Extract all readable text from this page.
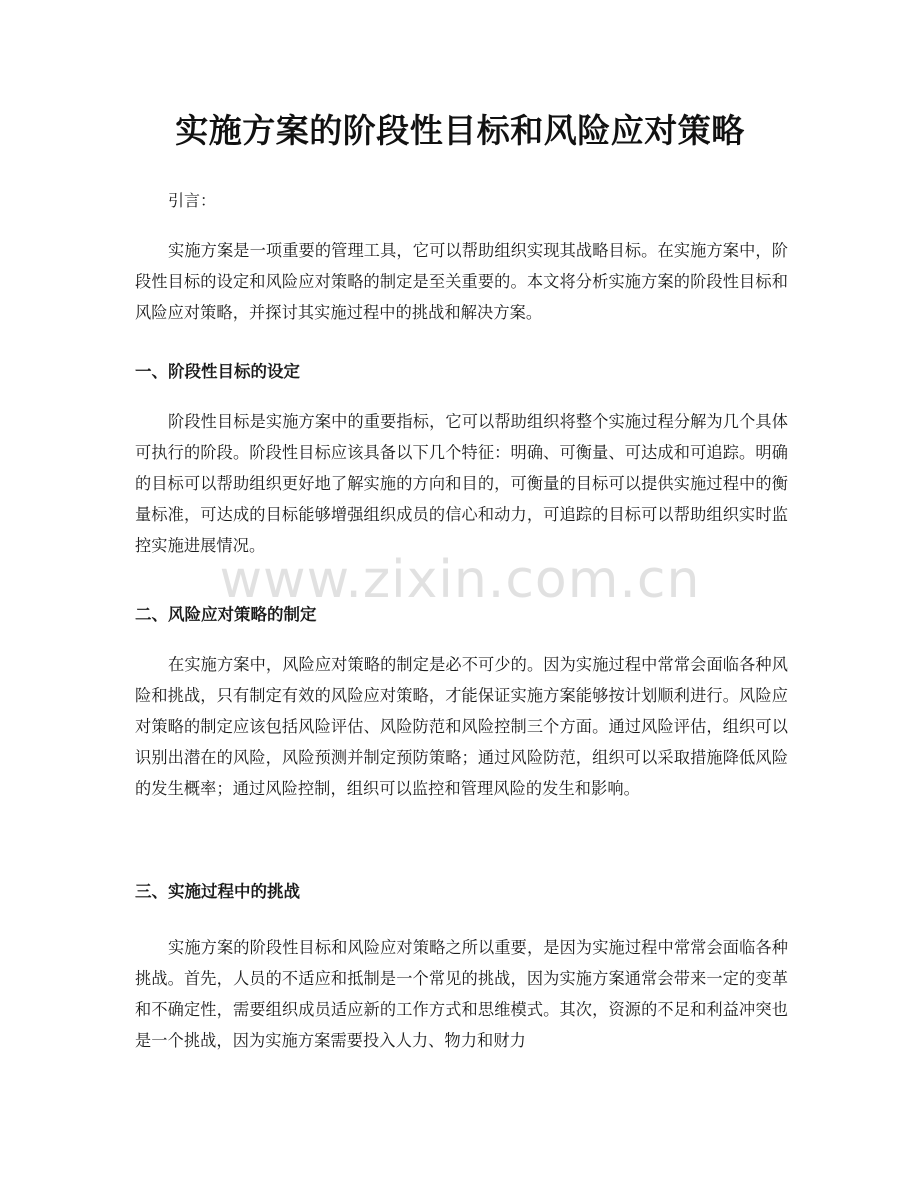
实施方案的阶段性目标和风险应对策略

引言：

实施方案是一项重要的管理工具，它可以帮助组织实现其战略目标。在实施方案中，阶段性目标的设定和风险应对策略的制定是至关重要的。本文将分析实施方案的阶段性目标和风险应对策略，并探讨其实施过程中的挑战和解决方案。

一、阶段性目标的设定

阶段性目标是实施方案中的重要指标，它可以帮助组织将整个实施过程分解为几个具体可执行的阶段。阶段性目标应该具备以下几个特征：明确、可衡量、可达成和可追踪。明确的目标可以帮助组织更好地了解实施的方向和目的，可衡量的目标可以提供实施过程中的衡量标准，可达成的目标能够增强组织成员的信心和动力，可追踪的目标可以帮助组织实时监控实施进展情况。

二、风险应对策略的制定

在实施方案中，风险应对策略的制定是必不可少的。因为实施过程中常常会面临各种风险和挑战，只有制定有效的风险应对策略，才能保证实施方案能够按计划顺利进行。风险应对策略的制定应该包括风险评估、风险防范和风险控制三个方面。通过风险评估，组织可以识别出潜在的风险，风险预测并制定预防策略；通过风险防范，组织可以采取措施降低风险的发生概率；通过风险控制，组织可以监控和管理风险的发生和影响。

三、实施过程中的挑战

实施方案的阶段性目标和风险应对策略之所以重要，是因为实施过程中常常会面临各种挑战。首先，人员的不适应和抵制是一个常见的挑战，因为实施方案通常会带来一定的变革和不确定性，需要组织成员适应新的工作方式和思维模式。其次，资源的不足和利益冲突也是一个挑战，因为实施方案需要投入人力、物力和财力

www.zixin.com.cn
